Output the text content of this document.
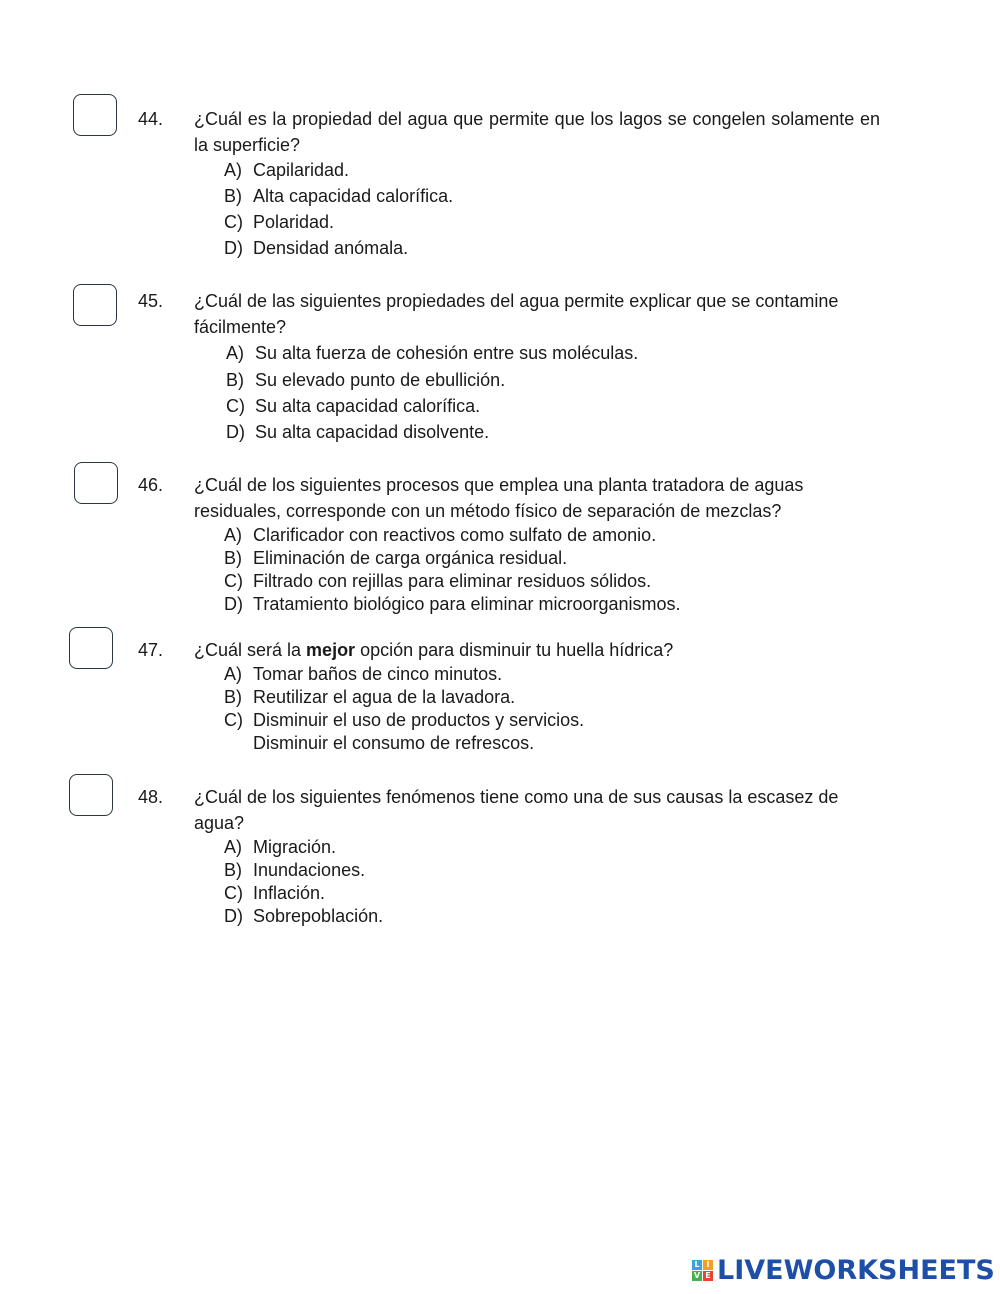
44. ¿Cuál es la propiedad del agua que permite que los lagos se congelen solamente en la superficie?
A) Capilaridad.
B) Alta capacidad calorífica.
C) Polaridad.
D) Densidad anómala.
45. ¿Cuál de las siguientes propiedades del agua permite explicar que se contamine fácilmente?
A) Su alta fuerza de cohesión entre sus moléculas.
B) Su elevado punto de ebullición.
C) Su alta capacidad calorífica.
D) Su alta capacidad disolvente.
46. ¿Cuál de los siguientes procesos que emplea una planta tratadora de aguas residuales, corresponde con un método físico de separación de mezclas?
A) Clarificador con reactivos como sulfato de amonio.
B) Eliminación de carga orgánica residual.
C) Filtrado con rejillas para eliminar residuos sólidos.
D) Tratamiento biológico para eliminar microorganismos.
47. ¿Cuál será la mejor opción para disminuir tu huella hídrica?
A) Tomar baños de cinco minutos.
B) Reutilizar el agua de la lavadora.
C) Disminuir el uso de productos y servicios.
Disminuir el consumo de refrescos.
48. ¿Cuál de los siguientes fenómenos tiene como una de sus causas la escasez de agua?
A) Migración.
B) Inundaciones.
C) Inflación.
D) Sobrepoblación.
L I
V E LIVEWORKSHEETS
